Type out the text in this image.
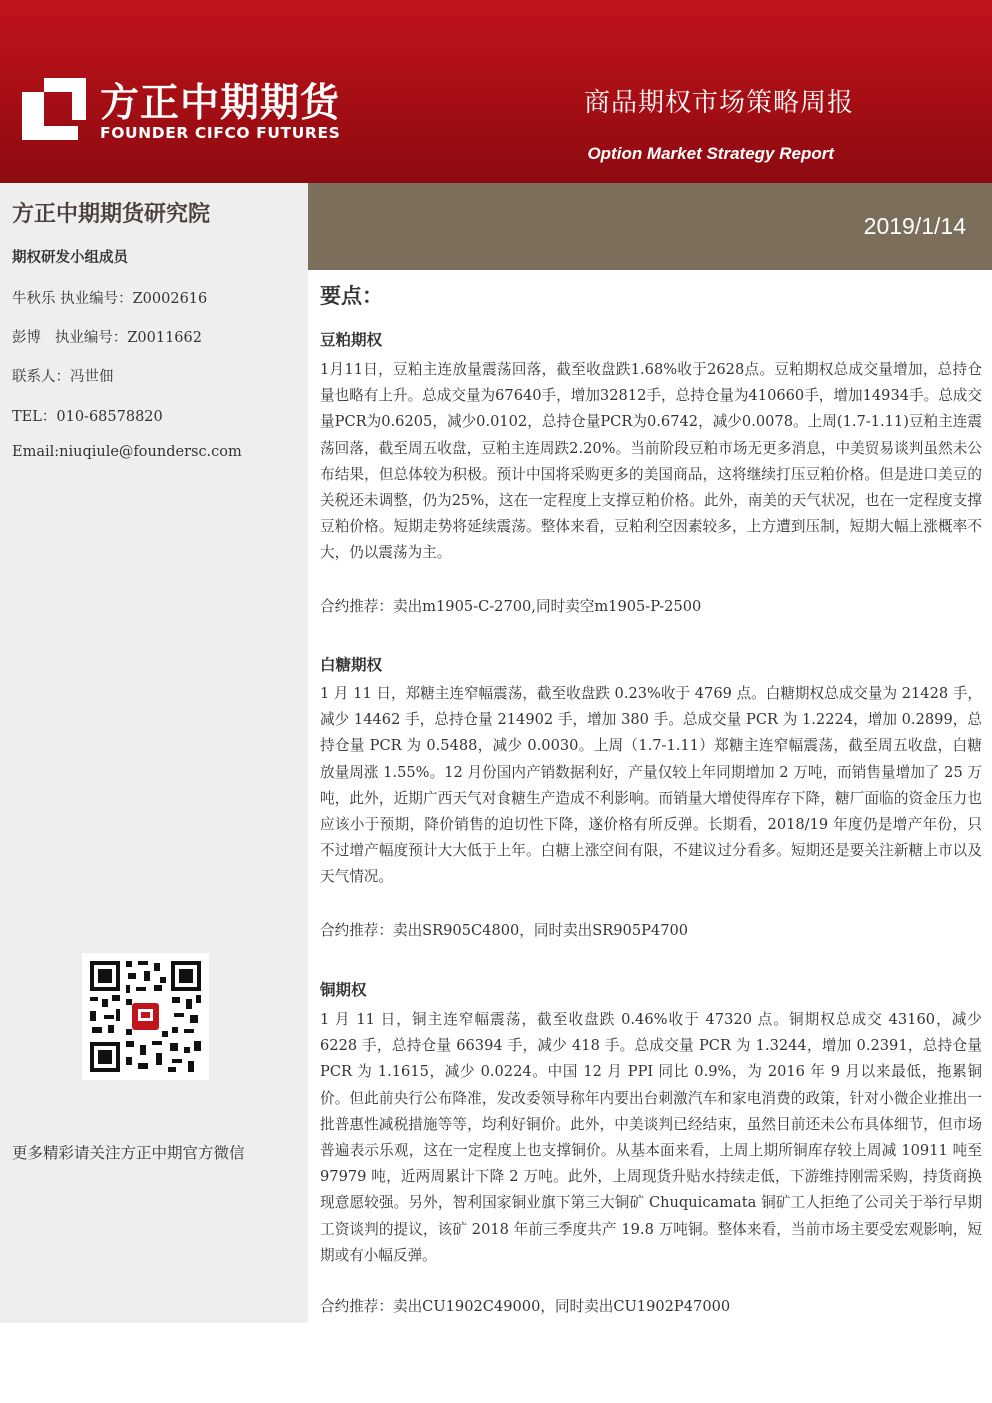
方正中期期货
FOUNDER CIFCO FUTURES
商品期权市场策略周报
Option Market Strategy Report
方正中期期货研究院
期权研发小组成员
牛秋乐 执业编号：Z0002616
彭博   执业编号：Z0011662
联系人：冯世佃
TEL：010-68578820
Email:niuqiule@foundersc.com
更多精彩请关注方正中期官方微信
2019/1/14
要点：
豆粕期权
1月11日，豆粕主连放量震荡回落，截至收盘跌1.68%收于2628点。豆粕期权总成交量增加，总持仓量也略有上升。总成交量为67640手，增加32812手，总持仓量为410660手，增加14934手。总成交量PCR为0.6205，减少0.0102，总持仓量PCR为0.6742，减少0.0078。上周(1.7-1.11)豆粕主连震荡回落，截至周五收盘，豆粕主连周跌2.20%。当前阶段豆粕市场无更多消息，中美贸易谈判虽然未公布结果，但总体较为积极。预计中国将采购更多的美国商品，这将继续打压豆粕价格。但是进口美豆的关税还未调整，仍为25%，这在一定程度上支撑豆粕价格。此外，南美的天气状况，也在一定程度支撑豆粕价格。短期走势将延续震荡。整体来看，豆粕利空因素较多，上方遭到压制，短期大幅上涨概率不大，仍以震荡为主。
合约推荐：卖出m1905-C-2700,同时卖空m1905-P-2500
白糖期权
1 月 11 日，郑糖主连窄幅震荡，截至收盘跌 0.23%收于 4769 点。白糖期权总成交量为 21428 手，减少 14462 手，总持仓量 214902 手，增加 380 手。总成交量 PCR 为 1.2224，增加 0.2899，总持仓量 PCR 为 0.5488，减少 0.0030。上周（1.7-1.11）郑糖主连窄幅震荡，截至周五收盘，白糖放量周涨 1.55%。12 月份国内产销数据利好，产量仅较上年同期增加 2 万吨，而销售量增加了 25 万吨，此外，近期广西天气对食糖生产造成不利影响。而销量大增使得库存下降，糖厂面临的资金压力也应该小于预期，降价销售的迫切性下降，遂价格有所反弹。长期看，2018/19 年度仍是增产年份，只不过增产幅度预计大大低于上年。白糖上涨空间有限，不建议过分看多。短期还是要关注新糖上市以及天气情况。
合约推荐：卖出SR905C4800，同时卖出SR905P4700
铜期权
1 月 11 日，铜主连窄幅震荡，截至收盘跌 0.46%收于 47320 点。铜期权总成交 43160，减少 6228 手，总持仓量 66394 手，减少 418 手。总成交量 PCR 为 1.3244，增加 0.2391，总持仓量 PCR 为 1.1615，减少 0.0224。中国 12 月 PPI 同比 0.9%，为 2016 年 9 月以来最低，拖累铜价。但此前央行公布降准，发改委领导称年内要出台刺激汽车和家电消费的政策，针对小微企业推出一批普惠性减税措施等等，均利好铜价。此外，中美谈判已经结束，虽然目前还未公布具体细节，但市场普遍表示乐观，这在一定程度上也支撑铜价。从基本面来看，上周上期所铜库存较上周减 10911 吨至 97979 吨，近两周累计下降 2 万吨。此外，上周现货升贴水持续走低，下游维持刚需采购，持货商换现意愿较强。另外，智利国家铜业旗下第三大铜矿 Chuquicamata 铜矿工人拒绝了公司关于举行早期工资谈判的提议，该矿 2018 年前三季度共产 19.8 万吨铜。整体来看，当前市场主要受宏观影响，短期或有小幅反弹。
合约推荐：卖出CU1902C49000，同时卖出CU1902P47000
